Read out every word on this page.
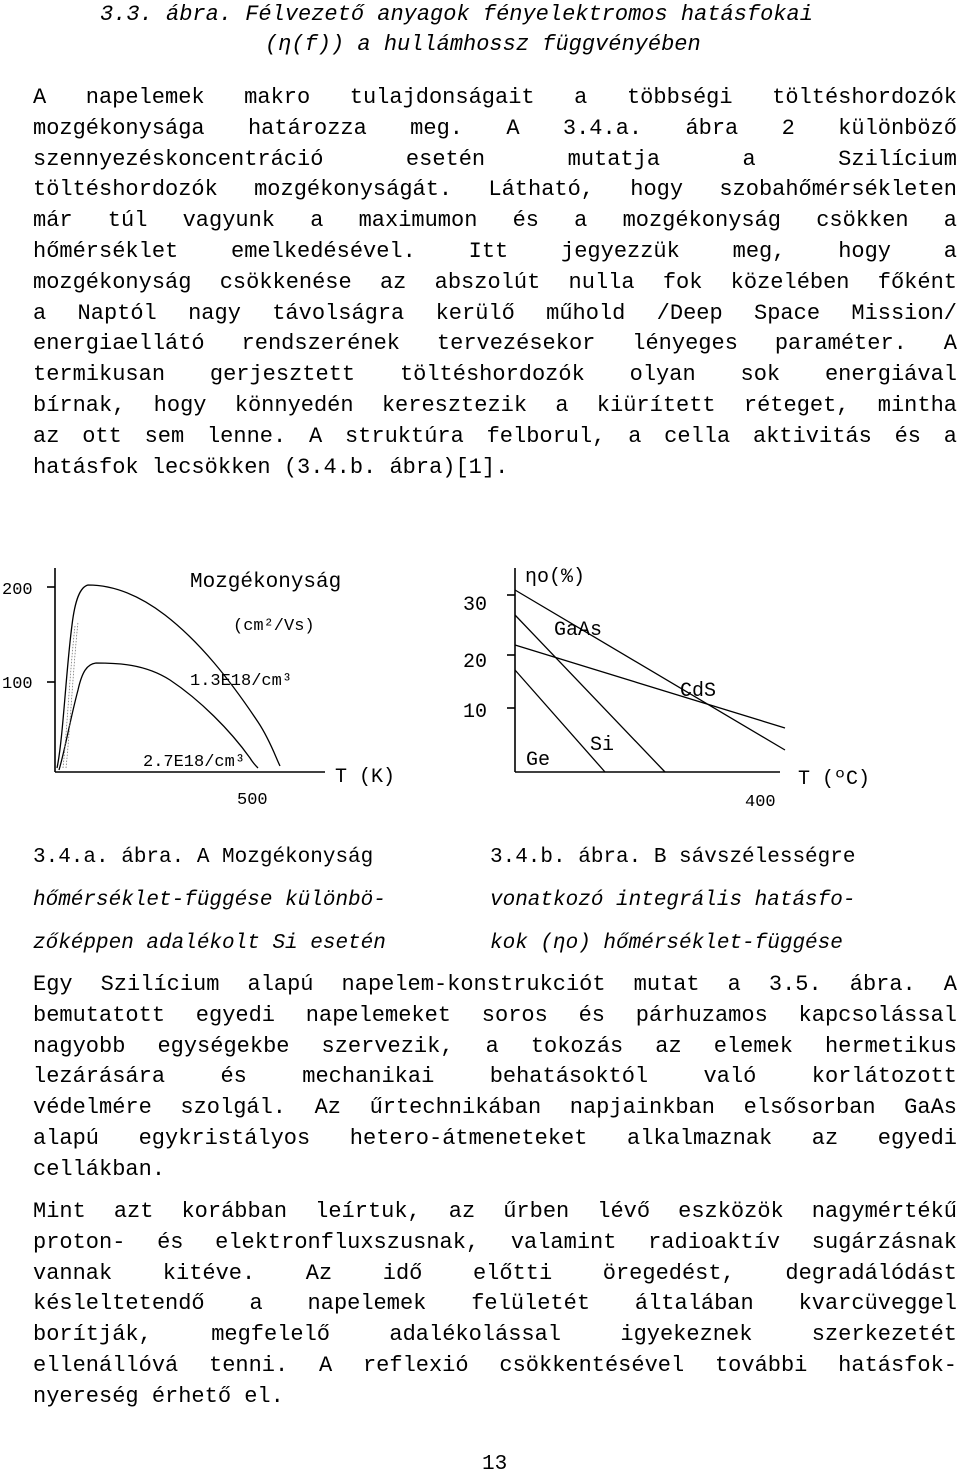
3.3. ábra. Félvezető anyagok fényelektromos hatásfokai
(η(f)) a hullámhossz függvényében
A napelemek makro tulajdonságait a többségi töltéshordozók
mozgékonysága határozza meg. A 3.4.a. ábra 2 különböző
szennyezéskoncentráció esetén mutatja a Szilícium
töltéshordozók mozgékonyságát. Látható, hogy szobahőmérsékleten
már túl vagyunk a maximumon és a mozgékonyság csökken a
hőmérséklet emelkedésével. Itt jegyezzük meg, hogy a
mozgékonyság csökkenése az abszolút nulla fok közelében főként
a Naptól nagy távolságra kerülő műhold /Deep Space Mission/
energiaellátó rendszerének tervezésekor lényeges paraméter. A
termikusan gerjesztett töltéshordozók olyan sok energiával
bírnak, hogy könnyedén keresztezik a kiürített réteget, mintha
az ott sem lenne. A struktúra felborul, a cella aktivitás és a
hatásfok lecsökken (3.4.b. ábra)[1].
200
100
Mozgékonyság
(cm²/Vs)
1.3E18/cm³
2.7E18/cm³
500
T (K)
30
20
10
ηo(%)
GaAs
CdS
Si
Ge
400
T (ºC)
3.4.a. ábra. A Mozgékonyság
hőmérséklet-függése különbö-
zőképpen adalékolt Si esetén
3.4.b. ábra. B sávszélességre
vonatkozó integrális hatásfo-
kok (ηo) hőmérséklet-függése
Egy Szilícium alapú napelem-konstrukciót mutat a 3.5. ábra. A
bemutatott egyedi napelemeket soros és párhuzamos kapcsolással
nagyobb egységekbe szervezik, a tokozás az elemek hermetikus
lezárására és mechanikai behatásoktól való korlátozott
védelmére szolgál. Az űrtechnikában napjainkban elsősorban GaAs
alapú egykristályos hetero-átmeneteket alkalmaznak az egyedi
cellákban.
Mint azt korábban leírtuk, az űrben lévő eszközök nagymértékű
proton- és elektronfluxszusnak, valamint radioaktív sugárzásnak
vannak kitéve. Az idő előtti öregedést, degradálódást
késleltetendő a napelemek felületét általában kvarcüveggel
borítják, megfelelő adalékolással igyekeznek szerkezetét
ellenállóvá tenni. A reflexió csökkentésével további hatásfok-
nyereség érhető el.
13
